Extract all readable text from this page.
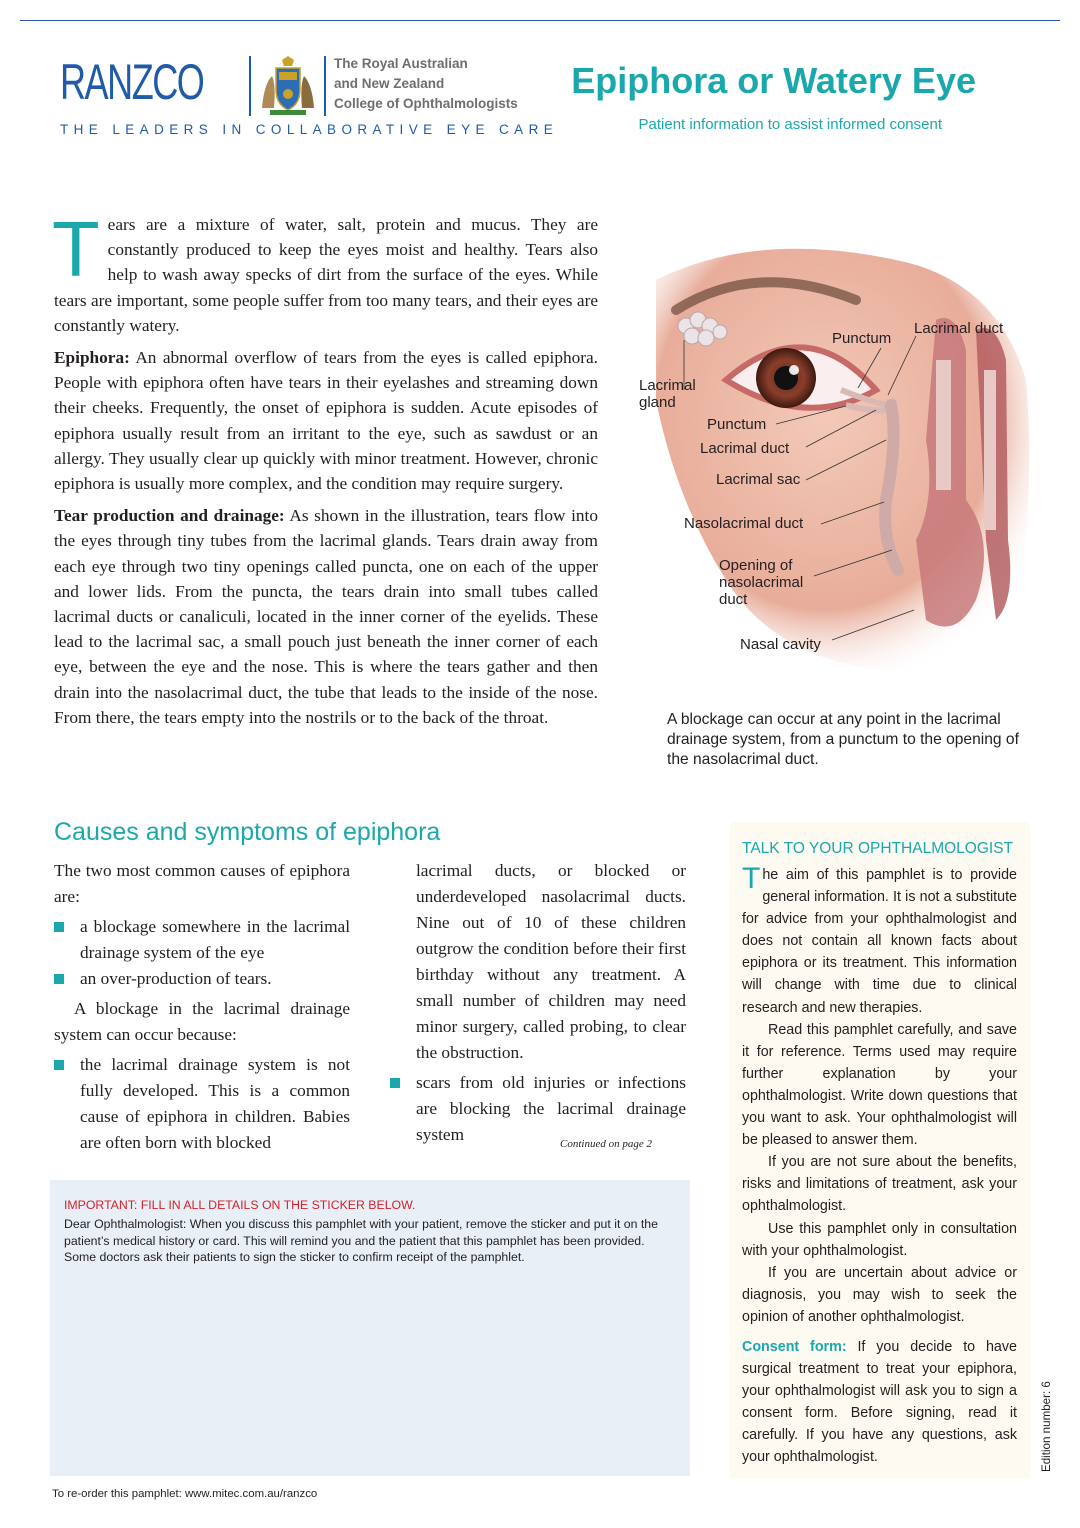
RANZCO	The Royal Australian
and New Zealand
College of Ophthalmologists
THE LEADERS IN COLLABORATIVE EYE CARE
Epiphora or Watery Eye
Patient information to assist informed consent

Tears are a mixture of water, salt, protein and mucus. They are constantly produced to keep the eyes moist and healthy. Tears also help to wash away specks of dirt from the surface of the eyes. While tears are important, some people suffer from too many tears, and their eyes are constantly watery.

Epiphora: An abnormal overflow of tears from the eyes is called epiphora. People with epiphora often have tears in their eyelashes and streaming down their cheeks. Frequently, the onset of epiphora is sudden. Acute episodes of epiphora usually result from an irritant to the eye, such as sawdust or an allergy. They usually clear up quickly with minor treatment. However, chronic epiphora is usually more complex, and the condition may require surgery.

Tear production and drainage: As shown in the illustration, tears flow into the eyes through tiny tubes from the lacrimal glands. Tears drain away from each eye through two tiny openings called puncta, one on each of the upper and lower lids. From the puncta, the tears drain into small tubes called lacrimal ducts or canaliculi, located in the inner corner of the eyelids. These lead to the lacrimal sac, a small pouch just beneath the inner corner of each eye, between the eye and the nose. This is where the tears gather and then drain into the nasolacrimal duct, the tube that leads to the inside of the nose. From there, the tears empty into the nostrils or to the back of the throat.

Punctum
Lacrimal duct
Lacrimal gland
Punctum
Lacrimal duct
Lacrimal sac
Nasolacrimal duct
Opening of nasolacrimal duct
Nasal cavity
A blockage can occur at any point in the lacrimal drainage system, from a punctum to the opening of the nasolacrimal duct.
Causes and symptoms of epiphora

The two most common causes of epiphora are:

a blockage somewhere in the lacrimal drainage system of the eye
an over-production of tears.

A blockage in the lacrimal drainage system can occur because:

the lacrimal drainage system is not fully developed. This is a common cause of epiphora in children. Babies are often born with blocked

lacrimal ducts, or blocked or underdeveloped nasolacrimal ducts. Nine out of 10 of these children outgrow the condition before their first birthday without any treatment. A small number of children may need minor surgery, called probing, to clear the obstruction.

scars from old injuries or infections are blocking the lacrimal drainage system	Continued on page 2
IMPORTANT: FILL IN ALL DETAILS ON THE STICKER BELOW.
Dear Ophthalmologist: When you discuss this pamphlet with your patient, remove the sticker and put it on the patient’s medical history or card. This will remind you and the patient that this pamphlet has been provided. Some doctors ask their patients to sign the sticker to confirm receipt of the pamphlet.
To re-order this pamphlet: www.mitec.com.au/ranzco
TALK TO YOUR OPHTHALMOLOGIST

The aim of this pamphlet is to provide general information. It is not a substitute for advice from your ophthalmologist and does not contain all known facts about epiphora or its treatment. This information will change with time due to clinical research and new therapies.

Read this pamphlet carefully, and save it for reference. Terms used may require further explanation by your ophthalmologist. Write down questions that you want to ask. Your ophthalmologist will be pleased to answer them.

If you are not sure about the benefits, risks and limitations of treatment, ask your ophthalmologist.

Use this pamphlet only in consultation with your ophthalmologist.

If you are uncertain about advice or diagnosis, you may wish to seek the opinion of another ophthalmologist.

Consent form: If you decide to have surgical treatment to treat your epiphora, your ophthalmologist will ask you to sign a consent form. Before signing, read it carefully. If you have any questions, ask your ophthalmologist.	Edition number: 6
